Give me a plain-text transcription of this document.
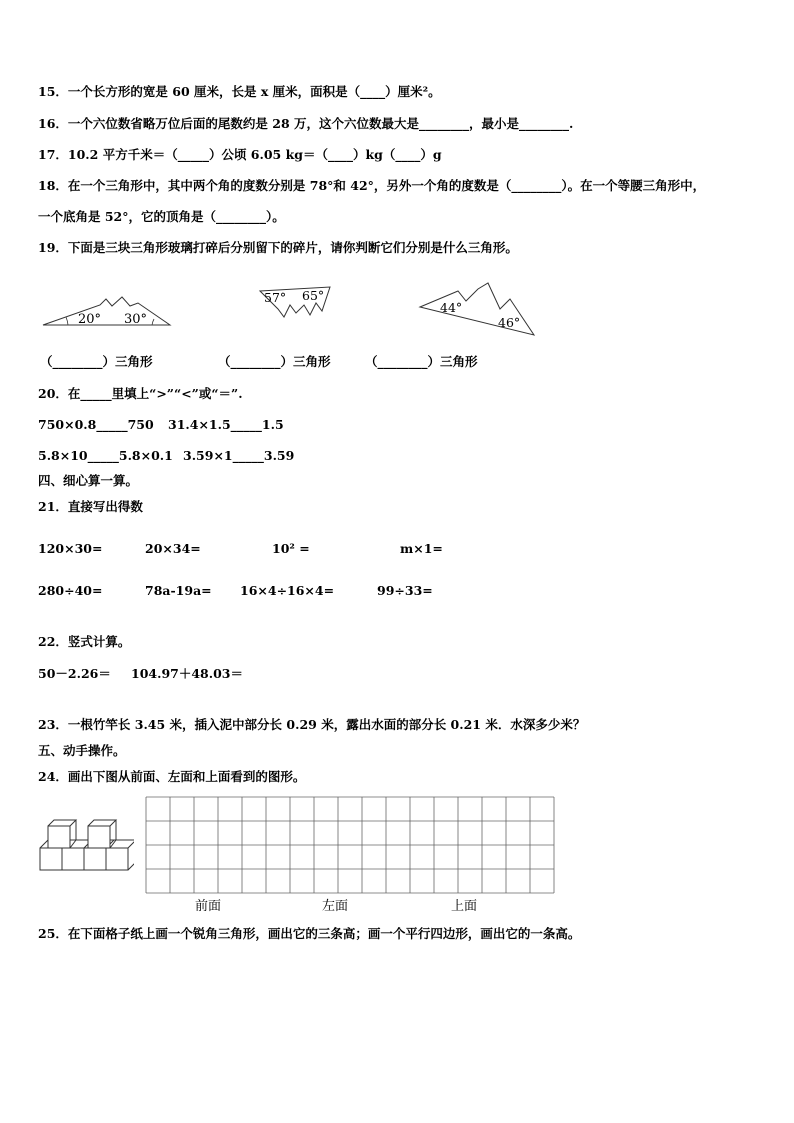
15．一个长方形的宽是 60 厘米，长是 x 厘米，面积是（____）厘米²。
16．一个六位数省略万位后面的尾数约是 28 万，这个六位数最大是________，最小是________.
17．10.2 平方千米＝（_____）公顷 6.05 kg＝（____）kg（____）g
18．在一个三角形中，其中两个角的度数分别是 78°和 42°，另外一个角的度数是（________）。在一个等腰三角形中，
一个底角是 52°，它的顶角是（________）。
19．下面是三块三角形玻璃打碎后分别留下的碎片，请你判断它们分别是什么三角形。
20° 30°
57° 65°
44°
46°
（________）三角形	（________）三角形	（________）三角形
20．在_____里填上“>”“<”或“＝”.
750×0.8_____750 31.4×1.5_____1.5
5.8×10_____5.8×0.1 3.59×1_____3.59
四、细心算一算。
21．直接写出得数
120×30=	20×34=	10² =	m×1=
280÷40=	78a-19a= 16×4÷16×4=	99÷33=
22．竖式计算。
50－2.26＝ 104.97＋48.03＝
23．一根竹竿长 3.45 米，插入泥中部分长 0.29 米，露出水面的部分长 0.21 米．水深多少米？
五、动手操作。
24．画出下图从前面、左面和上面看到的图形。
前面	左面	上面
25．在下面格子纸上画一个锐角三角形，画出它的三条高；画一个平行四边形，画出它的一条高。
